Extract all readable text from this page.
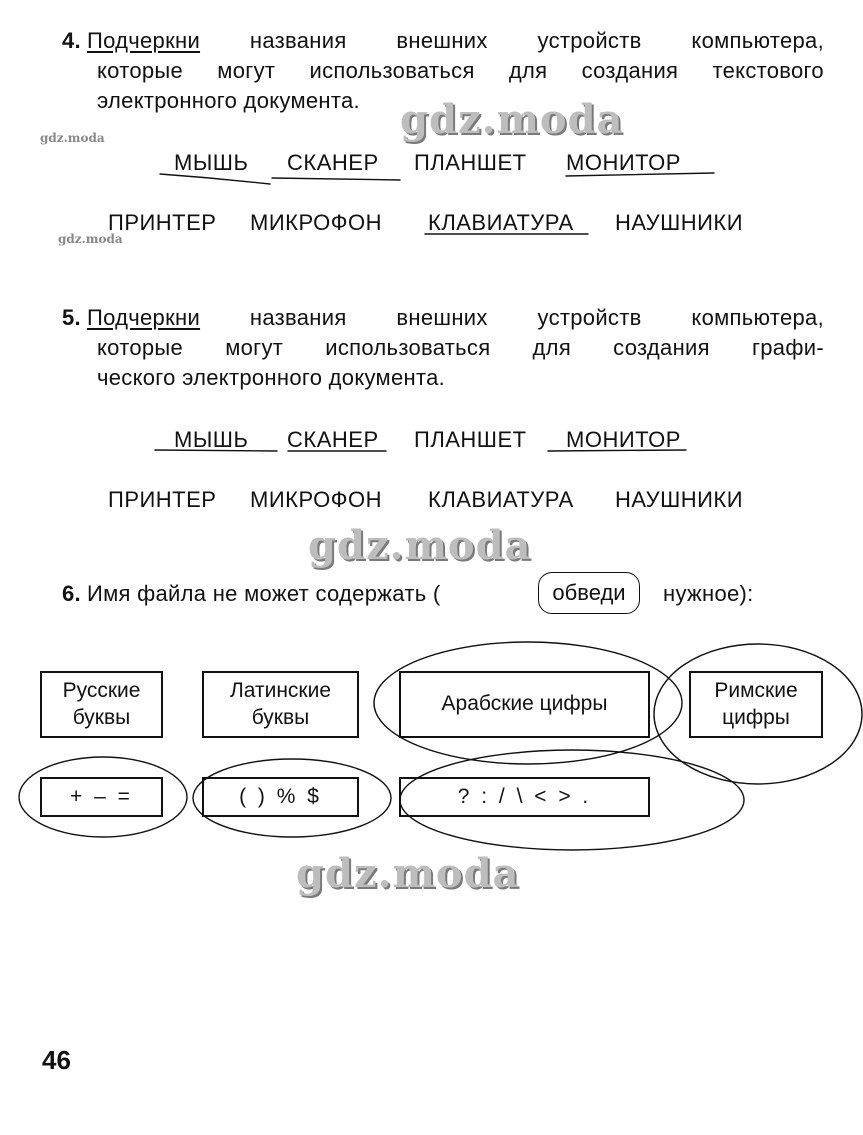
4. Подчеркни названия внешних устройств компьютера,
которые могут использоваться для создания текстового
электронного документа. gdz.moda
gdz.moda
МЫШЬ СКАНЕР ПЛАНШЕТ МОНИТОР
ПРИНТЕР МИКРОФОН КЛАВИАТУРА НАУШНИКИ
gdz.moda
5. Подчеркни названия внешних устройств компьютера,
которые могут использоваться для создания графи-
ческого электронного документа.
МЫШЬ СКАНЕР ПЛАНШЕТ МОНИТОР
ПРИНТЕР МИКРОФОН КЛАВИАТУРА НАУШНИКИ
gdz.moda
6. Имя файла не может содержать (	обведи	нужное):
Русские
буквы
Латинские
буквы
Арабские цифры
Римские
цифры
+ – =	( ) % $	? : / \ < > .
gdz.moda
46
